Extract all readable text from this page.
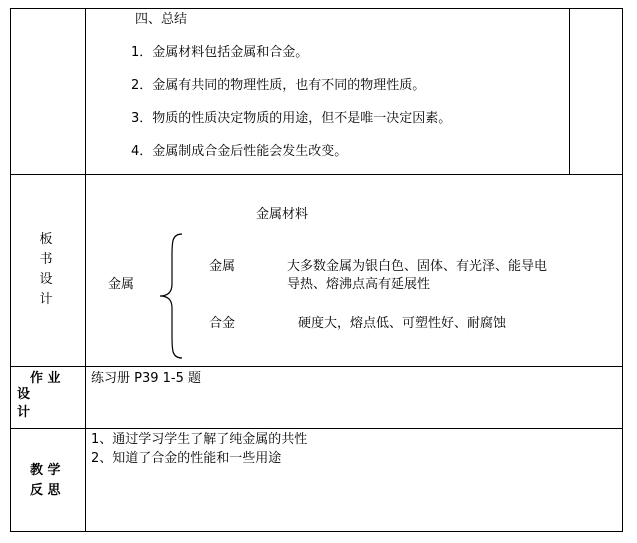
四、总结
1．金属材料包括金属和合金。
2．金属有共同的物理性质，也有不同的物理性质。
3．物质的性质决定物质的用途，但不是唯一决定因素。
4．金属制成合金后性能会发生改变。
板
书
设
计
金属材料
金属
金属	大多数金属为银白色、固体、有光泽、能导电
导热、熔沸点高有延展性
合金	硬度大，熔点低、可塑性好、耐腐蚀
作 业
设
计
练习册 P39 1-5 题
教 学
反 思
1、通过学习学生了解了纯金属的共性
2、知道了合金的性能和一些用途
